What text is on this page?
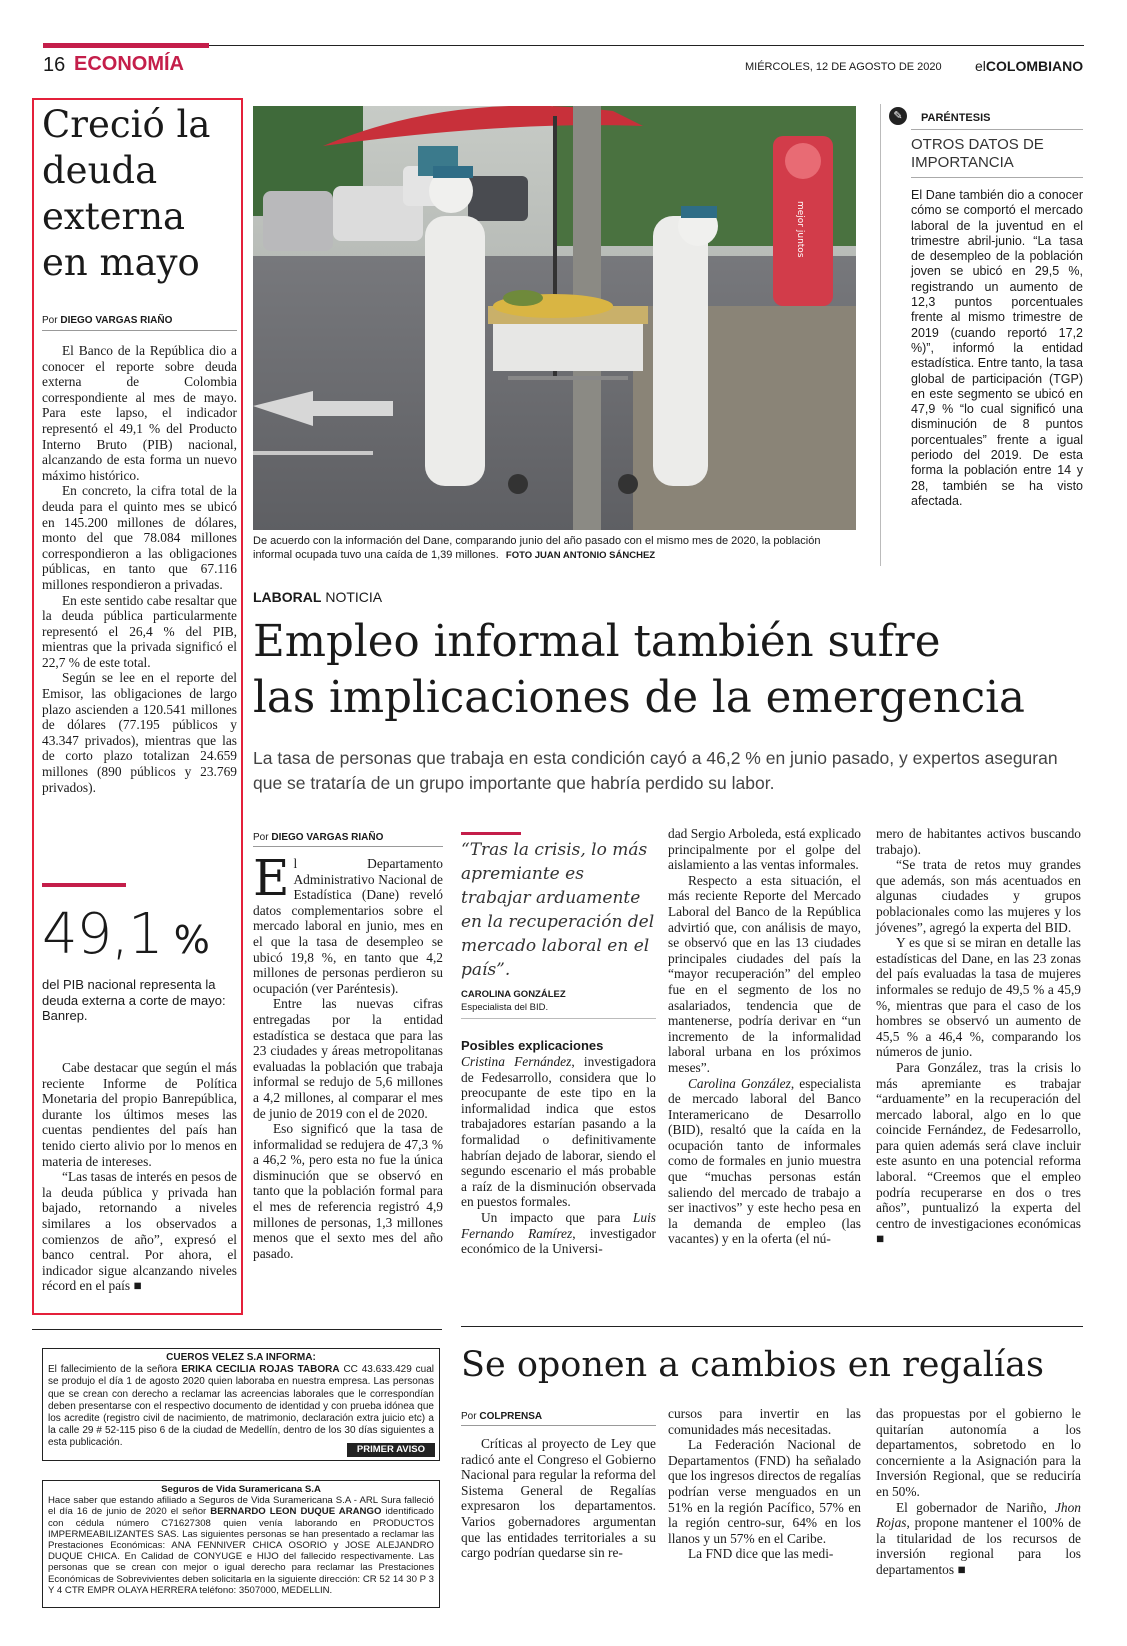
16 ECONOMÍA	MIÉRCOLES, 12 DE AGOSTO DE 2020 elCOLOMBIANO
Creció la deuda externa en mayo
Por DIEGO VARGAS RIAÑO

El Banco de la República dio a conocer el reporte sobre deuda externa de Colombia correspondiente al mes de mayo. Para este lapso, el indicador representó el 49,1 % del Producto Interno Bruto (PIB) nacional, alcanzando de esta forma un nuevo máximo histórico.

En concreto, la cifra total de la deuda para el quinto mes se ubicó en 145.200 millones de dólares, monto del que 78.084 millones correspondieron a las obligaciones públicas, en tanto que 67.116 millones respondieron a privadas.

En este sentido cabe resaltar que la deuda pública particularmente representó el 26,4 % del PIB, mientras que la privada significó el 22,7 % de este total.

Según se lee en el reporte del Emisor, las obligaciones de largo plazo ascienden a 120.541 millones de dólares (77.195 públicos y 43.347 privados), mientras que las de corto plazo totalizan 24.659 millones (890 públicos y 23.769 privados).

49,1 %
del PIB nacional representa la deuda externa a corte de mayo: Banrep.

Cabe destacar que según el más reciente Informe de Política Monetaria del propio Banrepública, durante los últimos meses las cuentas pendientes del país han tenido cierto alivio por lo menos en materia de intereses.

“Las tasas de interés en pesos de la deuda pública y privada han bajado, retornando a niveles similares a los observados a comienzos de año”, expresó el banco central. Por ahora, el indicador sigue alcanzando niveles récord en el país ■

mejor juntos
De acuerdo con la información del Dane, comparando junio del año pasado con el mismo mes de 2020, la población informal ocupada tuvo una caída de 1,39 millones. FOTO JUAN ANTONIO SÁNCHEZ
✎	PARÉNTESIS
OTROS DATOS DE IMPORTANCIA
El Dane también dio a conocer cómo se comportó el mercado laboral de la juventud en el trimestre abril-junio. “La tasa de desempleo de la población joven se ubicó en 29,5 %, registrando un aumento de 12,3 puntos porcentuales frente al mismo trimestre de 2019 (cuando reportó 17,2 %)”, informó la entidad estadística. Entre tanto, la tasa global de participación (TGP) en este segmento se ubicó en 47,9 % “lo cual significó una disminución de 8 puntos porcentuales” frente a igual periodo del 2019. De esta forma la población entre 14 y 28, también se ha visto afectada.
LABORAL NOTICIA
Empleo informal también sufre
las implicaciones de la emergencia
La tasa de personas que trabaja en esta condición cayó a 46,2 % en junio pasado, y expertos aseguran que se trataría de un grupo importante que habría perdido su labor.
Por DIEGO VARGAS RIAÑO

El Departamento Administrativo Nacional de Estadística (Dane) reveló datos complementarios sobre el mercado laboral en junio, mes en el que la tasa de desempleo se ubicó 19,8 %, en tanto que 4,2 millones de personas perdieron su ocupación (ver Paréntesis).

Entre las nuevas cifras entregadas por la entidad estadística se destaca que para las 23 ciudades y áreas metropolitanas evaluadas la población que trabaja informal se redujo de 5,6 millones a 4,2 millones, al comparar el mes de junio de 2019 con el de 2020.

Eso significó que la tasa de informalidad se redujera de 47,3 % a 46,2 %, pero esta no fue la única disminución que se observó en tanto que la población formal para el mes de referencia registró 4,9 millones de personas, 1,3 millones menos que el sexto mes del año pasado.

“Tras la crisis, lo más apremiante es trabajar arduamente en la recuperación del mercado laboral en el país”.
CAROLINA GONZÁLEZ
Especialista del BID.
Posibles explicaciones

Cristina Fernández, investigadora de Fedesarrollo, considera que lo preocupante de este tipo en la informalidad indica que estos trabajadores estarían pasando a la formalidad o definitivamente habrían dejado de laborar, siendo el segundo escenario el más probable a raíz de la disminución observada en puestos formales.

Un impacto que para Luis Fernando Ramírez, investigador económico de la Universi-

dad Sergio Arboleda, está explicado principalmente por el golpe del aislamiento a las ventas informales.

Respecto a esta situación, el más reciente Reporte del Mercado Laboral del Banco de la República advirtió que, con análisis de mayo, se observó que en las 13 ciudades principales ciudades del país la “mayor recuperación” del empleo fue en el segmento de los no asalariados, tendencia que de mantenerse, podría derivar en “un incremento de la informalidad laboral urbana en los próximos meses”.

Carolina González, especialista de mercado laboral del Banco Interamericano de Desarrollo (BID), resaltó que la caída en la ocupación tanto de informales como de formales en junio muestra que “muchas personas están saliendo del mercado de trabajo a ser inactivos” y este hecho pesa en la demanda de empleo (las vacantes) y en la oferta (el nú-

mero de habitantes activos buscando trabajo).

“Se trata de retos muy grandes que además, son más acentuados en algunas ciudades y grupos poblacionales como las mujeres y los jóvenes”, agregó la experta del BID.

Y es que si se miran en detalle las estadísticas del Dane, en las 23 zonas del país evaluadas la tasa de mujeres informales se redujo de 49,5 % a 45,9 %, mientras que para el caso de los hombres se observó un aumento de 45,5 % a 46,4 %, comparando los números de junio.

Para González, tras la crisis lo más apremiante es trabajar “arduamente” en la recuperación del mercado laboral, algo en lo que coincide Fernández, de Fedesarrollo, para quien además será clave incluir este asunto en una potencial reforma laboral. “Creemos que el empleo podría recuperarse en dos o tres años”, puntualizó la experta del centro de investigaciones económicas ■

CUEROS VELEZ S.A INFORMA:

El fallecimiento de la señora ERIKA CECILIA ROJAS TABORA CC 43.633.429 cual se produjo el día 1 de agosto 2020 quien laboraba en nuestra empresa. Las personas que se crean con derecho a reclamar las acreencias laborales que le correspondían deben presentarse con el respectivo documento de identidad y con prueba idónea que los acredite (registro civil de nacimiento, de matrimonio, declaración extra juicio etc) a la calle 29 # 52-115 piso 6 de la ciudad de Medellín, dentro de los 30 días siguientes a esta publicación.

PRIMER AVISO

Seguros de Vida Suramericana S.A

Hace saber que estando afiliado a Seguros de Vida Suramericana S.A - ARL Sura falleció el día 16 de junio de 2020 el señor BERNARDO LEON DUQUE ARANGO identificado con cédula número C71627308 quien venía laborando en PRODUCTOS IMPERMEABILIZANTES SAS. Las siguientes personas se han presentado a reclamar las Prestaciones Económicas: ANA FENNIVER CHICA OSORIO y JOSE ALEJANDRO DUQUE CHICA. En Calidad de CONYUGE e HIJO del fallecido respectivamente. Las personas que se crean con mejor o igual derecho para reclamar las Prestaciones Económicas de Sobrevivientes deben solicitarla en la siguiente dirección: CR 52 14 30 P 3 Y 4 CTR EMPR OLAYA HERRERA teléfono: 3507000, MEDELLIN.

Se oponen a cambios en regalías
Por COLPRENSA

Críticas al proyecto de Ley que radicó ante el Congreso el Gobierno Nacional para regular la reforma del Sistema General de Regalías expresaron los departamentos. Varios gobernadores argumentan que las entidades territoriales a su cargo podrían quedarse sin re-

cursos para invertir en las comunidades más necesitadas.

La Federación Nacional de Departamentos (FND) ha señalado que los ingresos directos de regalías podrían verse menguados en un 51% en la región Pacífico, 57% en la región centro-sur, 64% en los llanos y un 57% en el Caribe.

La FND dice que las medi-

das propuestas por el gobierno le quitarían autonomía a los departamentos, sobretodo en lo concerniente a la Asignación para la Inversión Regional, que se reduciría en 50%.

El gobernador de Nariño, Jhon Rojas, propone mantener el 100% de la titularidad de los recursos de inversión regional para los departamentos ■
